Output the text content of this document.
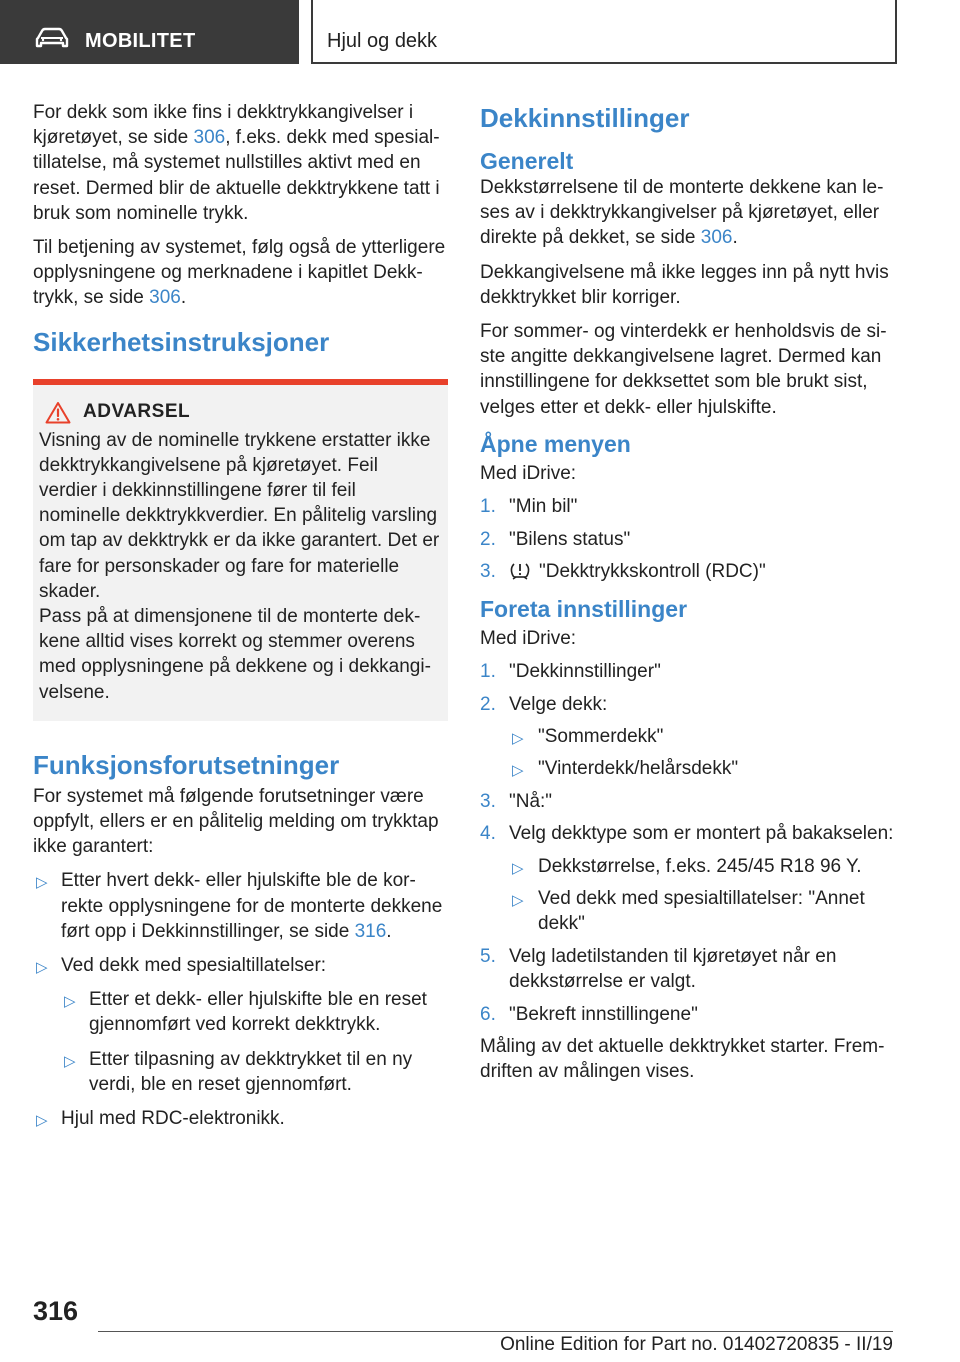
MOBILITET	Hjul og dekk

For dekk som ikke fins i dekktrykkangivelser i kjøretøyet, se side 306, f.eks. dekk med spesialtillatelse, må systemet nullstilles aktivt med en reset. Dermed blir de aktuelle dekktrykkene tatt i bruk som nominelle trykk.

Til betjening av systemet, følg også de ytterligere opplysningene og merknadene i kapitlet Dekktrykk, se side 306.

Sikkerhetsinstruksjoner
ADVARSEL

Visning av de nominelle trykkene erstatter ikke dekktrykkangivelsene på kjøretøyet. Feil verdier i dekkinnstillingene fører til feil nominelle dekktrykkverdier. En pålitelig varsling om tap av dekktrykk er da ikke garantert. Det er fare for personskader og fare for materielle skader.

Pass på at dimensjonene til de monterte dekkene alltid vises korrekt og stemmer overens med opplysningene på dekkene og i dekkangivelsene.

Funksjonsforutsetninger

For systemet må følgende forutsetninger være oppfylt, ellers er en pålitelig melding om trykktap ikke garantert:

▷ Etter hvert dekk- eller hjulskifte ble de korrekte opplysningene for de monterte dekkene ført opp i Dekkinnstillinger, se side 316.
▷ Ved dekk med spesialtillatelser:
▷ Etter et dekk- eller hjulskifte ble en reset gjennomført ved korrekt dekktrykk.
▷ Etter tilpasning av dekktrykket til en ny verdi, ble en reset gjennomført.
▷ Hjul med RDC-elektronikk.
Dekkinnstillinger
Generelt

Dekkstørrelsene til de monterte dekkene kan leses av i dekktrykkangivelser på kjøretøyet, eller direkte på dekket, se side 306.

Dekkangivelsene må ikke legges inn på nytt hvis dekktrykket blir korriger.

For sommer- og vinterdekk er henholdsvis de siste angitte dekkangivelsene lagret. Dermed kan innstillingene for dekksettet som ble brukt sist, velges etter et dekk- eller hjulskifte.

Åpne menyen

Med iDrive:

1. "Min bil"
2. "Bilens status"
3. "Dekktrykkskontroll (RDC)"
Foreta innstillinger

Med iDrive:

1. "Dekkinnstillinger"
2. Velge dekk:
▷ "Sommerdekk"
▷ "Vinterdekk/helårsdekk"
3. "Nå:"
4. Velg dekktype som er montert på bakakselen:
▷ Dekkstørrelse, f.eks. 245/45 R18 96 Y.
▷ Ved dekk med spesialtillatelser: "Annet dekk"
5. Velg ladetilstanden til kjøretøyet når en dekkstørrelse er valgt.
6. "Bekreft innstillingene"

Måling av det aktuelle dekktrykket starter. Fremdriften av målingen vises.

316
Online Edition for Part no. 01402720835 - II/19
